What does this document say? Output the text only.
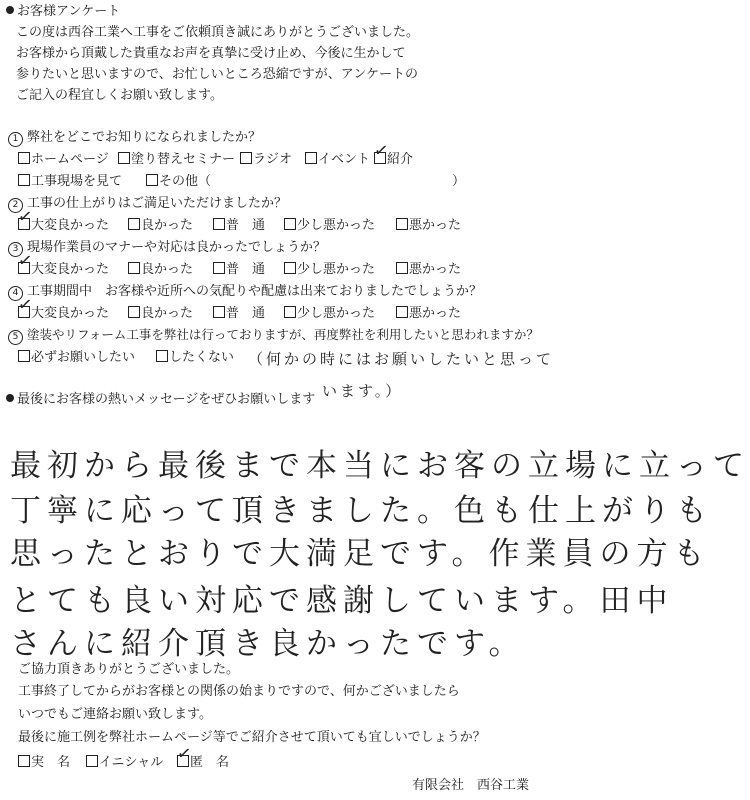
お客様アンケート
この度は西谷工業へ工事をご依頼頂き誠にありがとうございました。
お客様から頂戴した貴重なお声を真摯に受け止め、今後に生かして
参りたいと思いますので、お忙しいところ恐縮ですが、アンケートの
ご記入の程宜しくお願い致します。
1 弊社をどこでお知りになられましたか？
ホームページ	塗り替えセミナー	ラジオ	イベント ✓
紹介
工事現場を見て	その他（	）
2 工事の仕上がりはご満足いただけましたか？
✓
大変良かった	良かった	普　通	少し悪かった	悪かった
3 現場作業員のマナーや対応は良かったでしょうか？
✓
大変良かった	良かった	普　通	少し悪かった	悪かった
4 工事期間中　お客様や近所への気配りや配慮は出来ておりましたでしょうか？
✓
大変良かった	良かった	普　通	少し悪かった	悪かった
5 塗装やリフォーム工事を弊社は行っておりますが、再度弊社を利用したいと思われますか？
必ずお願いしたい	したくない （何かの時にはお願いしたいと思って
います。）
最後にお客様の熱いメッセージをぜひお願いします
最初から最後まで本当にお客の立場に立って
丁寧に応って頂きました。色も仕上がりも
思ったとおりで大満足です。作業員の方も
とても良い対応で感謝しています。田中
さんに紹介頂き良かったです。
ご協力頂きありがとうございました。
工事終了してからがお客様との関係の始まりですので、何かございましたら
いつでもご連絡お願い致します。
最後に施工例を弊社ホームページ等でご紹介させて頂いても宜しいでしょうか？
実　名	イニシャル ✓
匿　名
有限会社　西谷工業
